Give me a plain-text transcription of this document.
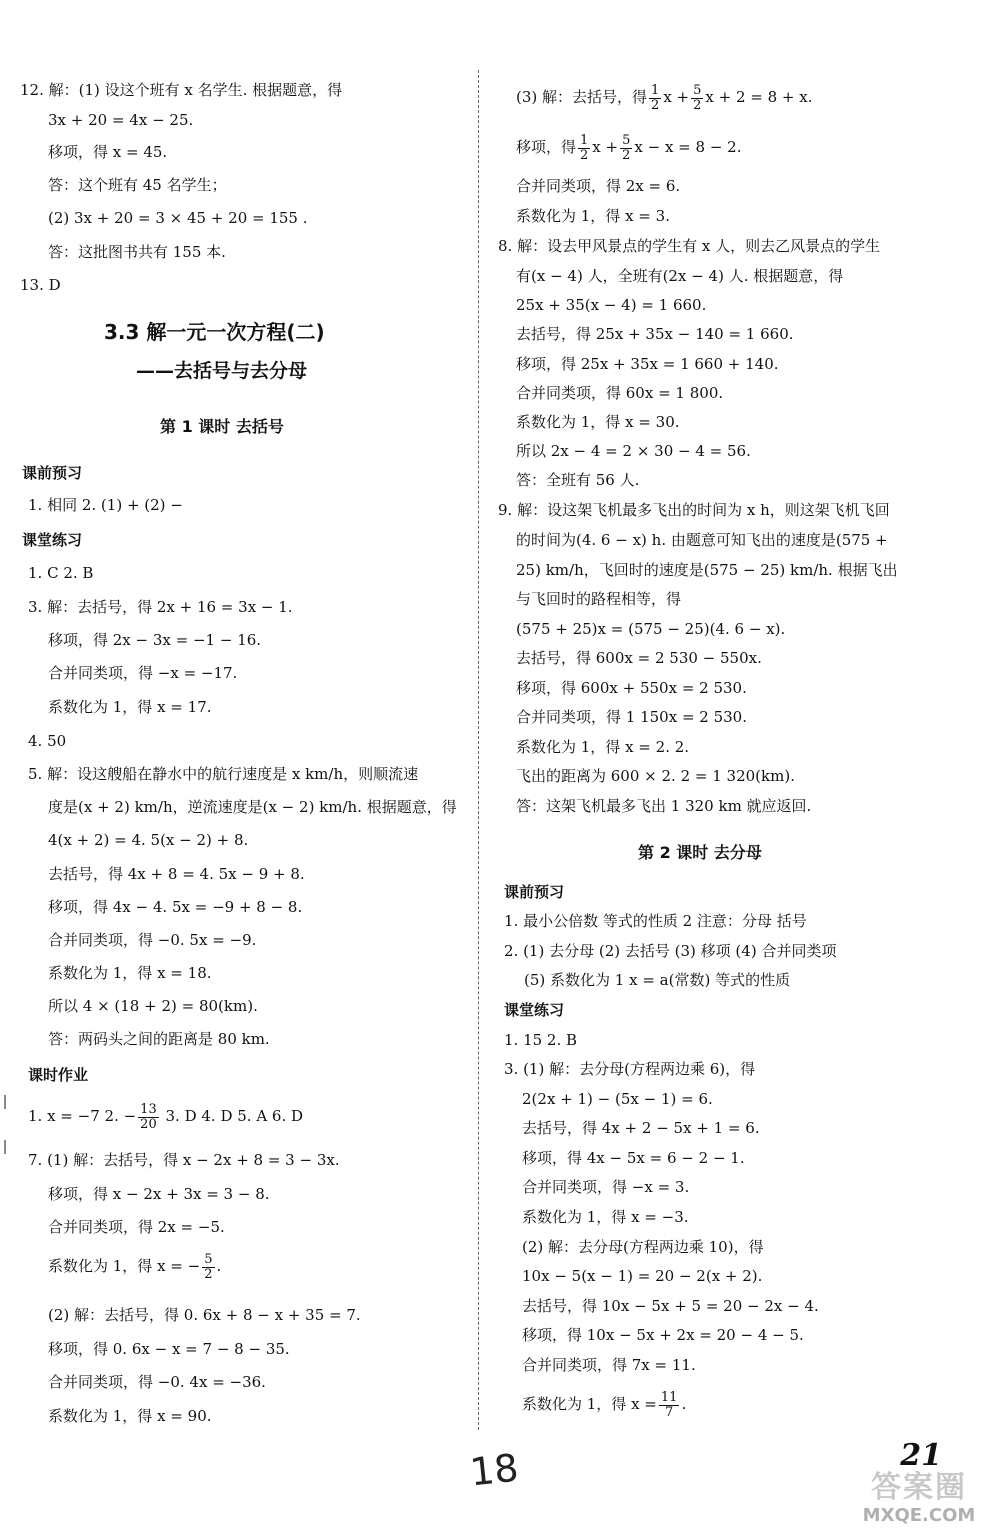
12. 解：(1) 设这个班有 x 名学生. 根据题意，得
3x + 20 = 4x − 25.
移项，得 x = 45.
答：这个班有 45 名学生；
(2) 3x + 20 = 3 × 45 + 20 = 155 .
答：这批图书共有 155 本.
13. D
3.3 解一元一次方程(二)
——去括号与去分母
第 1 课时 去括号
课前预习
1. 相同 2. (1) + (2) −
课堂练习
1. C 2. B
3. 解：去括号，得 2x + 16 = 3x − 1.
移项，得 2x − 3x = −1 − 16.
合并同类项，得 −x = −17.
系数化为 1，得 x = 17.
4. 50
5. 解：设这艘船在静水中的航行速度是 x km/h，则顺流速
度是(x + 2) km/h，逆流速度是(x − 2) km/h. 根据题意，得
4(x + 2) = 4. 5(x − 2) + 8.
去括号，得 4x + 8 = 4. 5x − 9 + 8.
移项，得 4x − 4. 5x = −9 + 8 − 8.
合并同类项，得 −0. 5x = −9.
系数化为 1，得 x = 18.
所以 4 × (18 + 2) = 80(km).
答：两码头之间的距离是 80 km.
课时作业
1. x = −7 2. − $\frac{13}{20} 3$. D 4. D 5. A 6. D
7. (1) 解：去括号，得 x − 2x + 8 = 3 − 3x.
移项，得 x − 2x + 3x = 3 − 8.
合并同类项，得 2x = −5.
系数化为 1，得 x = − $\frac{5}{2}$ .
(2) 解：去括号，得 0. 6x + 8 − x + 35 = 7.
移项，得 0. 6x − x = 7 − 8 − 35.
合并同类项，得 −0. 4x = −36.
系数化为 1，得 x = 90.
(3) 解：去括号，得 $\frac{1}{2}$ $x + \frac{5}{2}$ x + 2 = 8 + x.
移项，得 $\frac{1}{2}$ $x + \frac{5}{2}$ x − x = 8 − 2.
合并同类项，得 2x = 6.
系数化为 1，得 x = 3.
8. 解：设去甲风景点的学生有 x 人，则去乙风景点的学生
有(x − 4) 人，全班有(2x − 4) 人. 根据题意，得
25x + 35(x − 4) = 1 660.
去括号，得 25x + 35x − 140 = 1 660.
移项，得 25x + 35x = 1 660 + 140.
合并同类项，得 60x = 1 800.
系数化为 1，得 x = 30.
所以 2x − 4 = 2 × 30 − 4 = 56.
答：全班有 56 人.
9. 解：设这架飞机最多飞出的时间为 x h，则这架飞机飞回
的时间为(4. 6 − x) h. 由题意可知飞出的速度是(575 +
25) km/h，飞回时的速度是(575 − 25) km/h. 根据飞出
与飞回时的路程相等，得
(575 + 25)x = (575 − 25)(4. 6 − x).
去括号，得 600x = 2 530 − 550x.
移项，得 600x + 550x = 2 530.
合并同类项，得 1 150x = 2 530.
系数化为 1，得 x = 2. 2.
飞出的距离为 600 × 2. 2 = 1 320(km).
答：这架飞机最多飞出 1 320 km 就应返回.
第 2 课时 去分母
课前预习
1. 最小公倍数 等式的性质 2 注意：分母 括号
2. (1) 去分母 (2) 去括号 (3) 移项 (4) 合并同类项
(5) 系数化为 1 x = a(常数) 等式的性质
课堂练习
1. 15 2. B
3. (1) 解：去分母(方程两边乘 6)，得
2(2x + 1) − (5x − 1) = 6.
去括号，得 4x + 2 − 5x + 1 = 6.
移项，得 4x − 5x = 6 − 2 − 1.
合并同类项，得 −x = 3.
系数化为 1，得 x = −3.
(2) 解：去分母(方程两边乘 10)，得
10x − 5(x − 1) = 20 − 2(x + 2).
去括号，得 10x − 5x + 5 = 20 − 2x − 4.
移项，得 10x − 5x + 2x = 20 − 4 − 5.
合并同类项，得 7x = 11.
系数化为 1，得 $x = \frac{11}{7}$ .
21
18	答案圈
MXQE.COM
